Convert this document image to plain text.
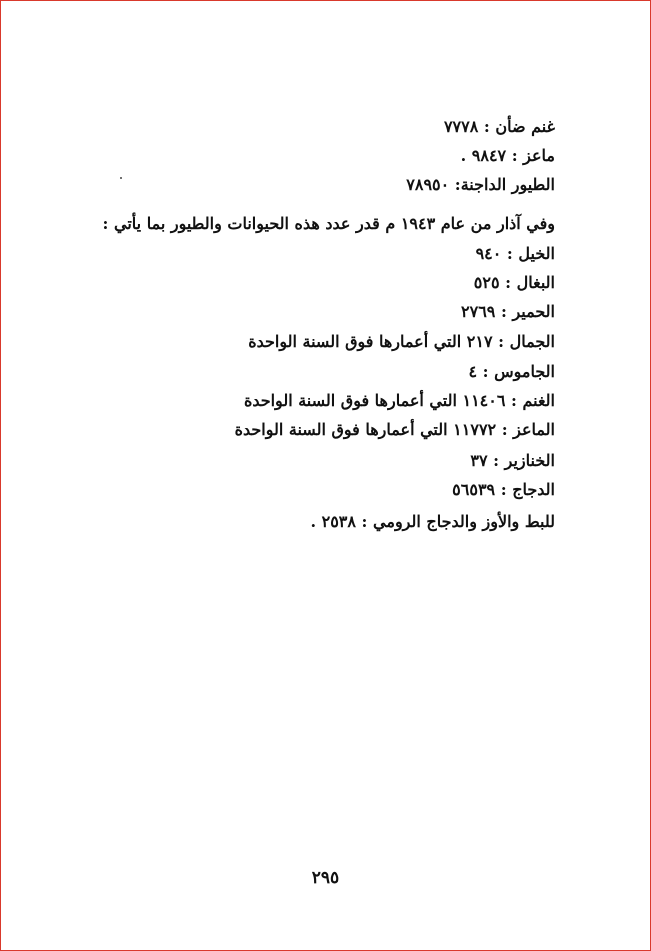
غنم ضأن : ٧٧٧٨
ماعز : ٩٨٤٧ .
الطيور الداجنة: ٧٨٩٥٠
وفي آذار من عام ١٩٤٣ م قدر عدد هذه الحيوانات والطيور بما يأتي :
الخيل : ٩٤٠
البغال : ٥٢٥
الحمير : ٢٧٦٩
الجمال : ٢١٧ التي أعمارها فوق السنة الواحدة
الجاموس : ٤
الغنم : ١١٤٠٦ التي أعمارها فوق السنة الواحدة
الماعز : ١١٧٧٢ التي أعمارها فوق السنة الواحدة
الخنازير : ٣٧
الدجاج : ٥٦٥٣٩
للبط والأوز والدجاج الرومي : ٢٥٣٨ .
٢٩٥
